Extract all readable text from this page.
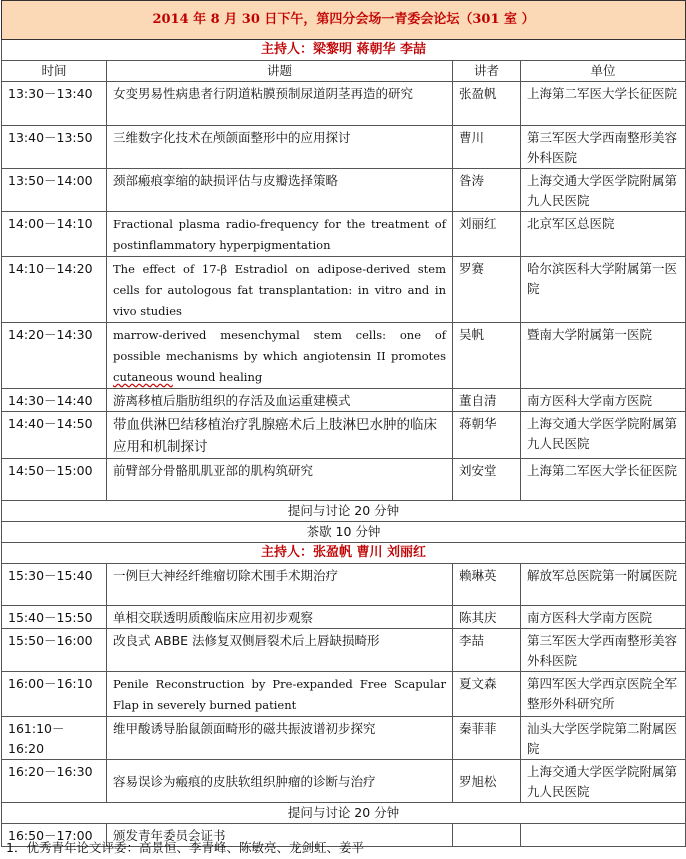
2014 年 8 月 30 日下午，第四分会场一青委会论坛（301 室 ）			
主持人：梁黎明 蒋朝华 李喆			
时间	讲题	讲者	单位
13:30－13:40	女变男易性病患者行阴道粘膜预制尿道阴茎再造的研究	张盈帆	上海第二军医大学长征医院
13:40－13:50	三维数字化技术在颅颌面整形中的应用探讨	曹川	第三军医大学西南整形美容外科医院
13:50－14:00	颈部瘢痕挛缩的缺损评估与皮瓣选择策略	昝涛	上海交通大学医学院附属第九人民医院
14:00－14:10	Fractional plasma radio-frequency for the treatment of postinflammatory hyperpigmentation	刘丽红	北京军区总医院
14:10－14:20	The effect of 17-β Estradiol on adipose-derived stem cells for autologous fat transplantation: in vitro and in vivo studies	罗赛	哈尔滨医科大学附属第一医院
14:20－14:30	marrow-derived mesenchymal stem cells: one of possible mechanisms by which angiotensin II promotes cutaneous wound healing	吴帆	暨南大学附属第一医院
14:30－14:40	游离移植后脂肪组织的存活及血运重建模式	董自清	南方医科大学南方医院
14:40－14:50	带血供淋巴结移植治疗乳腺癌术后上肢淋巴水肿的临床应用和机制探讨	蒋朝华	上海交通大学医学院附属第九人民医院
14:50－15:00	前臂部分骨骼肌肌亚部的肌构筑研究	刘安堂	上海第二军医大学长征医院
提问与讨论 20 分钟			
茶歇 10 分钟			
主持人：张盈帆 曹川 刘丽红			
15:30－15:40	一例巨大神经纤维瘤切除术围手术期治疗	赖琳英	解放军总医院第一附属医院
15:40－15:50	单相交联透明质酸临床应用初步观察	陈其庆	南方医科大学南方医院
15:50－16:00	改良式 ABBE 法修复双侧唇裂术后上唇缺损畸形	李喆	第三军医大学西南整形美容外科医院
16:00－16:10	Penile Reconstruction by Pre-expanded Free Scapular Flap in severely burned patient	夏文森	第四军医大学西京医院全军整形外科研究所
161:10－16:20	维甲酸诱导胎鼠颌面畸形的磁共振波谱初步探究	秦菲菲	汕头大学医学院第二附属医院
16:20－16:30	容易误诊为瘢痕的皮肤软组织肿瘤的诊断与治疗	罗旭松	上海交通大学医学院附属第九人民医院
提问与讨论 20 分钟			
16:50－17:00	颁发青年委员会证书		
1．优秀青年论文评委：高景恒、李青峰、陈敏亮、龙剑虹、姜平
